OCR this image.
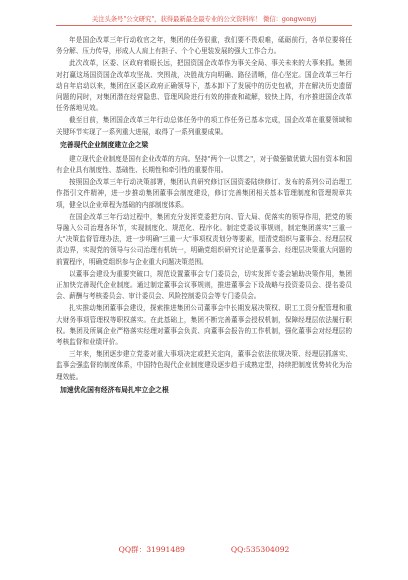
关注头条号"公文研究"，获得最新最全最专业的公文资料库！ 微信：gongwenyj

年是国企改革三年行动收官之年，集团的任务很重，我们要不畏艰难，砥砺前行，各单位要将任务分解、压力传导，形成人人肩上有担子、个个心里装发展的强大工作合力。

此次改革，区委、区政府着眼长远，把国资国企改革作为事关全局、事关未来的大事来抓。集团对打赢这场国资国企改革攻坚战、突围战，决胜战方向明确、路径清晰，信心坚定。国企改革三年行动自年启动以来，集团在区委区政府正确领导下，基本卸下了发展中的历史包袱，并在解决历史遗留问题的同时，对集团潜在经营隐患、管理风险进行有效的排查和疏解，较快上阵，有序推进国企改革任务落地见效。

截至目前，集团国企改革三年行动总体任务中的项工作任务已基本完成，国企改革在重要领域和关键环节实现了一系列重大进展，取得了一系列重要成果。

完善现代企业制度建立企之梁

建立现代企业制度是国有企业改革的方向。坚持"两个一以贯之"，对于做强做优做大国有资本和国有企业具有制度性、基础性、长期性和牵引性的重要作用。

按照国企改革三年行动决策部署，集团认真研究修订区国资委陆续修订、发布的系列公司治理工作指引文件精神，进一步推动集团董事会制度建设，修订完善集团相关基本管理制度和管理规章共项，健全以企业章程为基础的内部制度体系。

在国企改革三年行动过程中，集团充分发挥党委把方向、管大局、促落实的领导作用，把党的领导融入公司治理各环节，实现制度化、规范化、程序化。制定党委议事规则，制定集团落实"三重一大"决策监督管理办法，进一步明确"三重一大"事项权责划分等要素，厘清党组织与董事会、经理层权责边界，实现党的领导与公司治理有机统一，明确党组织研究讨论是董事会、经理层决策重大问题的前置程序，明确党组织参与企业重大问题决策范围。

以董事会建设为重要突破口，规范设置董事会专门委员会，切实发挥专委会辅助决策作用，集团正加快完善现代企业制度。通过制定董事会议事规则，推进董事会下设战略与投资委员会、提名委员会、薪酬与考核委员会、审计委员会、风险控制委员会等专门委员会。

扎实推动集团董事会建设，探索推进集团公司董事会中长期发展决策权、职工工资分配管理和重大财务事项管理权等职权落实。在此基础上，集团不断完善董事会授权机制，保障经理层依法履行职权。集团及所属企业严格落实经理对董事会负责、向董事会报告的工作机制，强化董事会对经理层的考核监督和业绩评价。

三年来，集团逐步建立党委对重大事项决定或把关定向，董事会依法依规决策、经理层抓落实、监事会强监督的制度体系，中国特色现代企业制度建设逐步趋于成熟定型，持续把制度优势转化为治理效能。

加速优化国有经济布局扎牢立企之根
QQ群：31991489	QQ:535304092
